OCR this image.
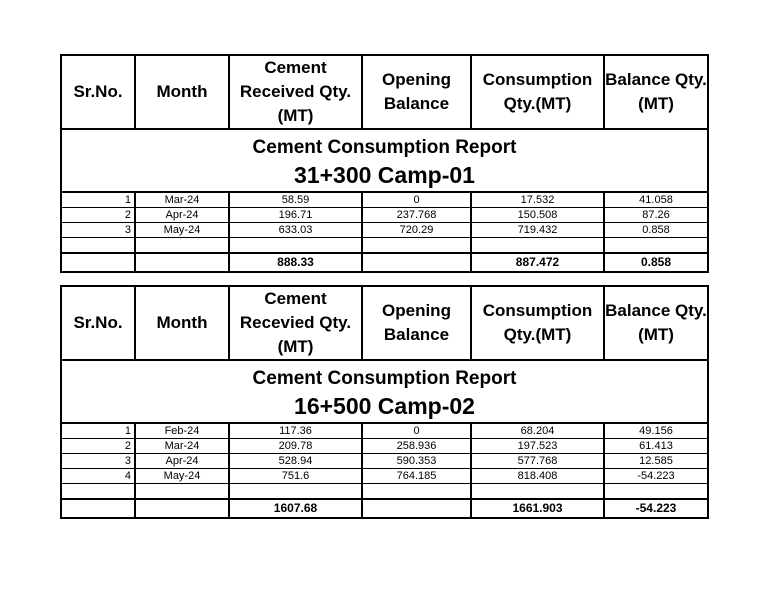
Cement Consumption Report					
31+300 Camp-01					
Sr.No.	Month	Cement Received Qty.(MT)	Opening Balance	Consumption Qty.(MT)	Balance Qty. (MT)
1	Mar-24	58.59	0	17.532	41.058
2	Apr-24	196.71	237.768	150.508	87.26
3	May-24	633.03	720.29	719.432	0.858

		888.33		887.472	0.858
Cement Consumption Report					
16+500 Camp-02					
Sr.No.	Month	Cement Recevied Qty.(MT)	Opening Balance	Consumption Qty.(MT)	Balance Qty.(MT)
1	Feb-24	117.36	0	68.204	49.156
2	Mar-24	209.78	258.936	197.523	61.413
3	Apr-24	528.94	590.353	577.768	12.585
4	May-24	751.6	764.185	818.408	-54.223

		1607.68		1661.903	-54.223
